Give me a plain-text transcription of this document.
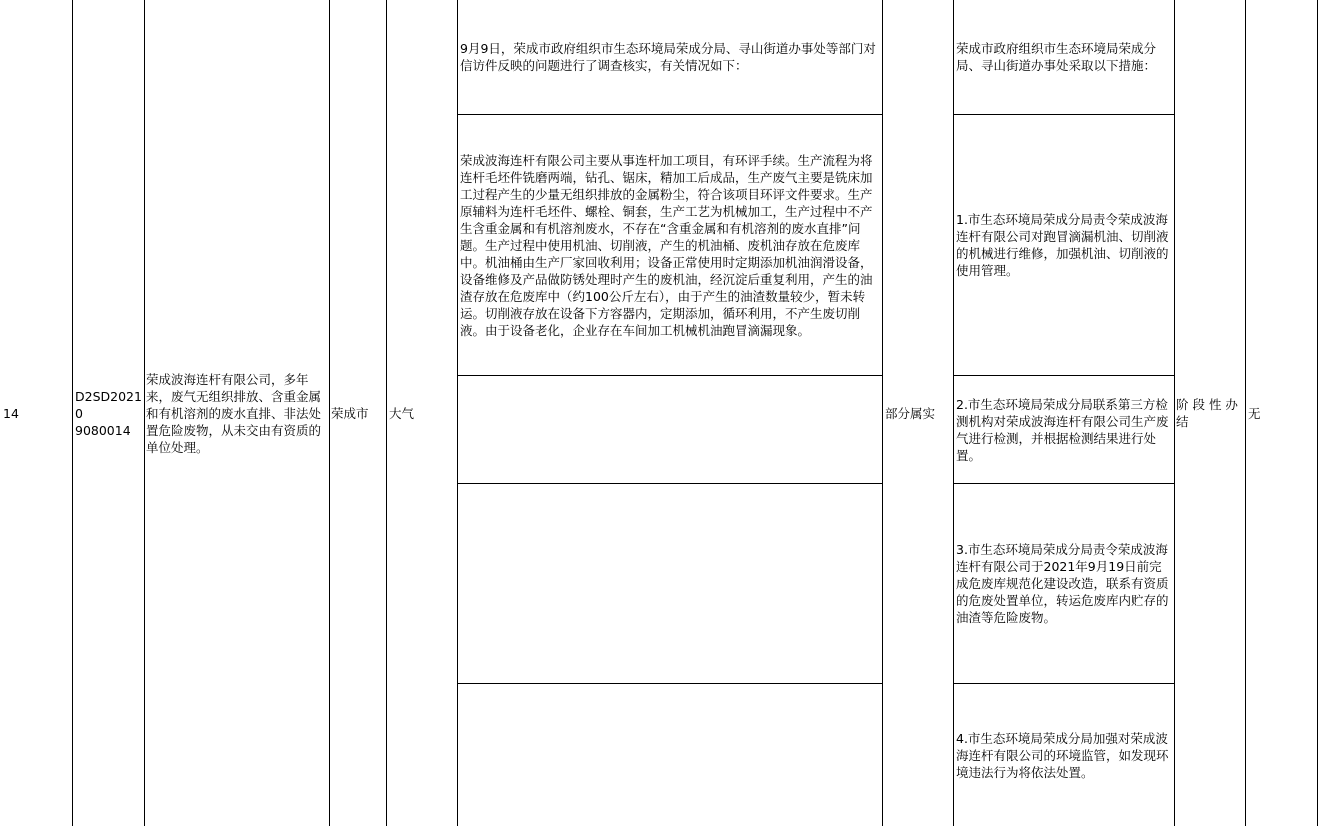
14
D2SD20210
9080014
荣成波海连杆有限公司，多年来，废气无组织排放、含重金属和有机溶剂的废水直排、非法处置危险废物，从未交由有资质的单位处理。
荣成市	大气	部分属实
阶 段 性 办 结
无
9月9日，荣成市政府组织市生态环境局荣成分局、寻山街道办事处等部门对信访件反映的问题进行了调查核实，有关情况如下：
荣成波海连杆有限公司主要从事连杆加工项目，有环评手续。生产流程为将连杆毛坯件铣磨两端，钻孔、锯床，精加工后成品，生产废气主要是铣床加工过程产生的少量无组织排放的金属粉尘，符合该项目环评文件要求。生产原辅料为连杆毛坯件、螺栓、铜套，生产工艺为机械加工，生产过程中不产生含重金属和有机溶剂废水，不存在“含重金属和有机溶剂的废水直排”问题。生产过程中使用机油、切削液，产生的机油桶、废机油存放在危废库中。机油桶由生产厂家回收利用；设备正常使用时定期添加机油润滑设备，设备维修及产品做防锈处理时产生的废机油，经沉淀后重复利用，产生的油渣存放在危废库中（约100公斤左右），由于产生的油渣数量较少，暂未转运。切削液存放在设备下方容器内，定期添加，循环利用，不产生废切削液。由于设备老化，企业存在车间加工机械机油跑冒滴漏现象。
荣成市政府组织市生态环境局荣成分局、寻山街道办事处采取以下措施：
1.市生态环境局荣成分局责令荣成波海连杆有限公司对跑冒滴漏机油、切削液的机械进行维修，加强机油、切削液的使用管理。
2.市生态环境局荣成分局联系第三方检测机构对荣成波海连杆有限公司生产废气进行检测，并根据检测结果进行处置。
3.市生态环境局荣成分局责令荣成波海连杆有限公司于2021年9月19日前完成危废库规范化建设改造，联系有资质的危废处置单位，转运危废库内贮存的油渣等危险废物。
4.市生态环境局荣成分局加强对荣成波海连杆有限公司的环境监管，如发现环境违法行为将依法处置。
